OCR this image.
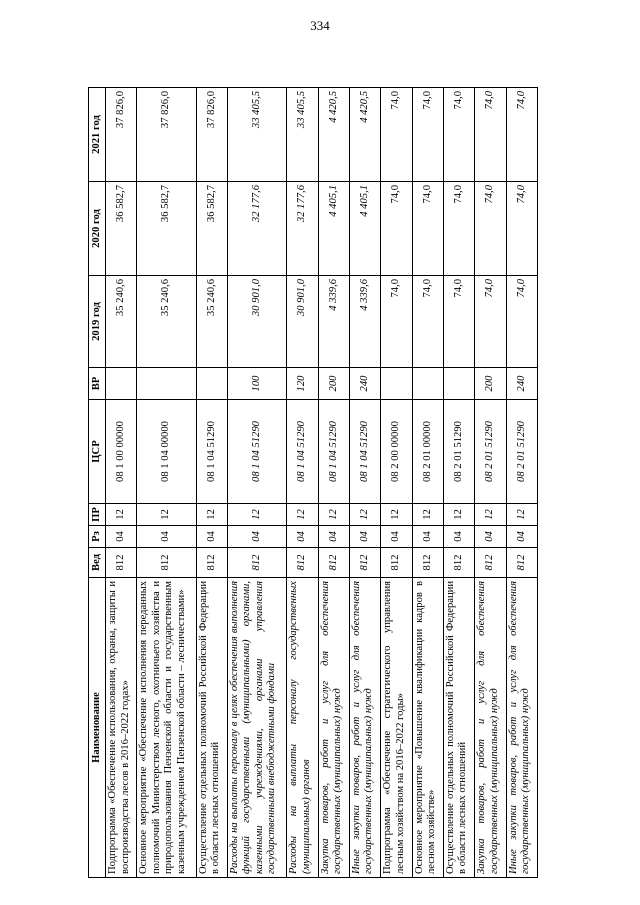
334
Наименование	Вед	Рз	ПР	ЦСР	ВР	2019 год	2020 год	2021 год
Подпрограмма «Обеспечение использования, охраны, защиты и воспроизводства лесов в 2016–2022 годах»	812	04	12	08 1 00 00000		35 240,6	36 582,7	37 826,0
Основное мероприятие «Обеспечение исполнения переданных полномочий Министерством лесного, охотничьего хозяйства и природопользования Пензенской области и государственным казенным учреждением Пензенской области – лесничествами»	812	04	12	08 1 04 00000		35 240,6	36 582,7	37 826,0
Осуществление отдельных полномочий Российской Федерации в области лесных отношений	812	04	12	08 1 04 51290		35 240,6	36 582,7	37 826,0
Расходы на выплаты персоналу в целях обеспечения выполнения функций государственными (муниципальными) органами, казенными учреждениями, органами управления государственными внебюджетными фондами	812	04	12	08 1 04 51290	100	30 901,0	32 177,6	33 405,5
Расходы на выплаты персоналу государственных (муниципальных) органов	812	04	12	08 1 04 51290	120	30 901,0	32 177,6	33 405,5
Закупка товаров, работ и услуг для обеспечения государственных (муниципальных) нужд	812	04	12	08 1 04 51290	200	4 339,6	4 405,1	4 420,5
Иные закупки товаров, работ и услуг для обеспечения государственных (муниципальных) нужд	812	04	12	08 1 04 51290	240	4 339,6	4 405,1	4 420,5
Подпрограмма «Обеспечение стратегического управления лесным хозяйством на 2016–2022 годы»	812	04	12	08 2 00 00000		74,0	74,0	74,0
Основное мероприятие «Повышение квалификации кадров в лесном хозяйстве»	812	04	12	08 2 01 00000		74,0	74,0	74,0
Осуществление отдельных полномочий Российской Федерации в области лесных отношений	812	04	12	08 2 01 51290		74,0	74,0	74,0
Закупка товаров, работ и услуг для обеспечения государственных (муниципальных) нужд	812	04	12	08 2 01 51290	200	74,0	74,0	74,0
Иные закупки товаров, работ и услуг для обеспечения государственных (муниципальных) нужд	812	04	12	08 2 01 51290	240	74,0	74,0	74,0
